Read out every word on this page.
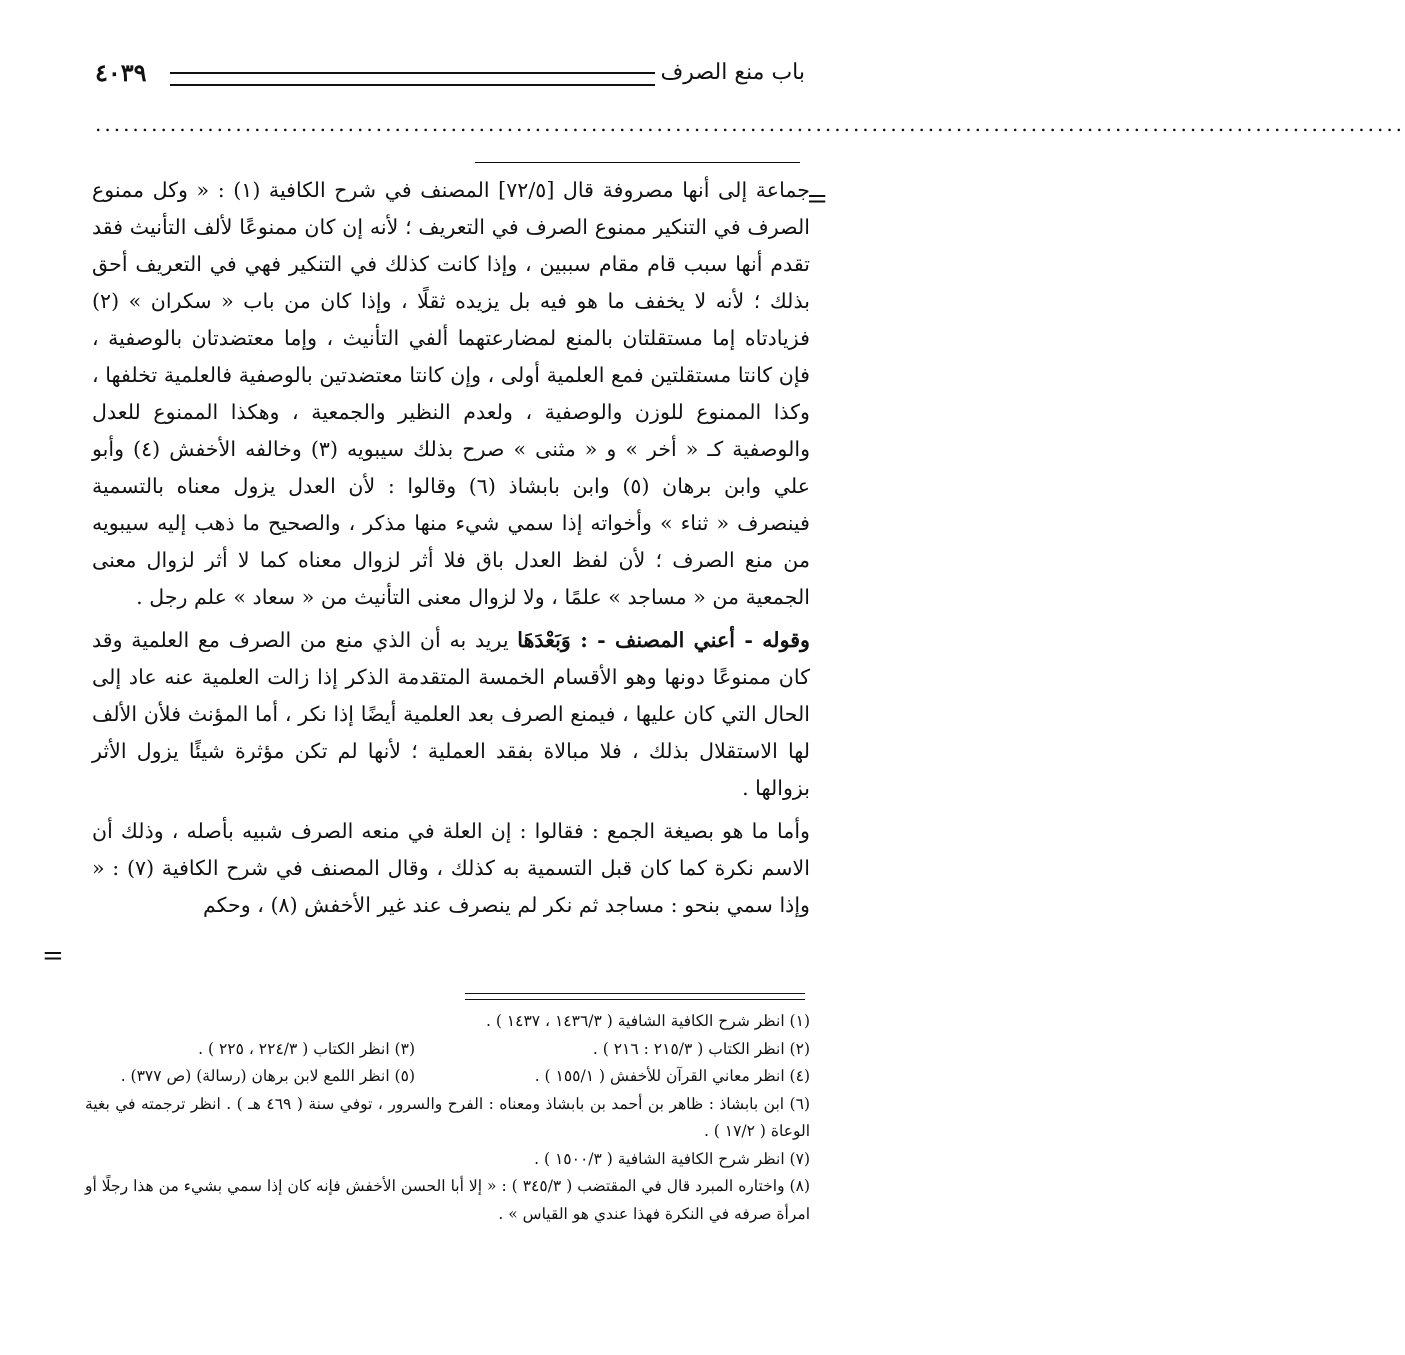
باب منع الصرف
٤٠٣٩
............................................................................................................................................
=
=

جماعة إلى أنها مصروفة قال [٧٢/٥] المصنف في شرح الكافية (١) : « وكل ممنوع الصرف في التنكير ممنوع الصرف في التعريف ؛ لأنه إن كان ممنوعًا لألف التأنيث فقد تقدم أنها سبب قام مقام سببين ، وإذا كانت كذلك في التنكير فهي في التعريف أحق بذلك ؛ لأنه لا يخفف ما هو فيه بل يزيده ثقلًا ، وإذا كان من باب « سكران » (٢) فزيادتاه إما مستقلتان بالمنع لمضارعتهما ألفي التأنيث ، وإما معتضدتان بالوصفية ، فإن كانتا مستقلتين فمع العلمية أولى ، وإن كانتا معتضدتين بالوصفية فالعلمية تخلفها ، وكذا الممنوع للوزن والوصفية ، ولعدم النظير والجمعية ، وهكذا الممنوع للعدل والوصفية كـ « أخر » و « مثنى » صرح بذلك سيبويه (٣) وخالفه الأخفش (٤) وأبو علي وابن برهان (٥) وابن بابشاذ (٦) وقالوا : لأن العدل يزول معناه بالتسمية فينصرف « ثناء » وأخواته إذا سمي شيء منها مذكر ، والصحيح ما ذهب إليه سيبويه من منع الصرف ؛ لأن لفظ العدل باق فلا أثر لزوال معناه كما لا أثر لزوال معنى الجمعية من « مساجد » علمًا ، ولا لزوال معنى التأنيث من « سعاد » علم رجل .

وقوله - أعني المصنف - : وَبَعْدَهَا يريد به أن الذي منع من الصرف مع العلمية وقد كان ممنوعًا دونها وهو الأقسام الخمسة المتقدمة الذكر إذا زالت العلمية عنه عاد إلى الحال التي كان عليها ، فيمنع الصرف بعد العلمية أيضًا إذا نكر ، أما المؤنث فلأن الألف لها الاستقلال بذلك ، فلا مبالاة بفقد العملية ؛ لأنها لم تكن مؤثرة شيئًا يزول الأثر بزوالها .

وأما ما هو بصيغة الجمع : فقالوا : إن العلة في منعه الصرف شبيه بأصله ، وذلك أن الاسم نكرة كما كان قبل التسمية به كذلك ، وقال المصنف في شرح الكافية (٧) : « وإذا سمي بنحو : مساجد ثم نكر لم ينصرف عند غير الأخفش (٨) ، وحكم

(١) انظر شرح الكافية الشافية ( ١٤٣٦/٣ ، ١٤٣٧ ) .
(٢) انظر الكتاب ( ٢١٥/٣ : ٢١٦ ) .
(٣) انظر الكتاب ( ٢٢٤/٣ ، ٢٢٥ ) .
(٤) انظر معاني القرآن للأخفش ( ١٥٥/١ ) .
(٥) انظر اللمع لابن برهان (رسالة) (ص ٣٧٧) .
(٦) ابن بابشاذ : ظاهر بن أحمد بن بابشاذ ومعناه : الفرح والسرور ، توفي سنة ( ٤٦٩ هـ ) . انظر ترجمته في بغية الوعاة ( ١٧/٢ ) .
(٧) انظر شرح الكافية الشافية ( ١٥٠٠/٣ ) .
(٨) واختاره المبرد قال في المقتضب ( ٣٤٥/٣ ) : « إلا أبا الحسن الأخفش فإنه كان إذا سمي بشيء من هذا رجلًا أو امرأة صرفه في النكرة فهذا عندي هو القياس » .
